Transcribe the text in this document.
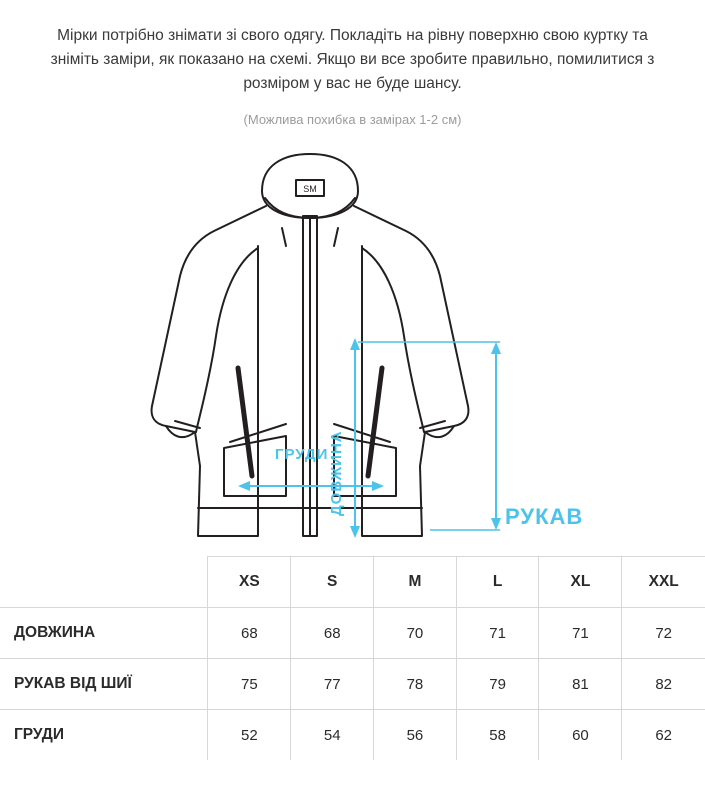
Мірки потрібно знімати зі свого одягу. Покладіть на рівну поверхню свою куртку та зніміть заміри, як показано на схемі. Якщо ви все зробите правильно, помилитися з розміром у вас не буде шансу.
(Можлива похибка в замірах 1-2 см)
SM
ГРУДИ ДОВЖИНА
РУКАВ
	XS	S	M	L	XL	XXL
ДОВЖИНА	68	68	70	71	71	72
РУКАВ ВІД ШИЇ	75	77	78	79	81	82
ГРУДИ	52	54	56	58	60	62
